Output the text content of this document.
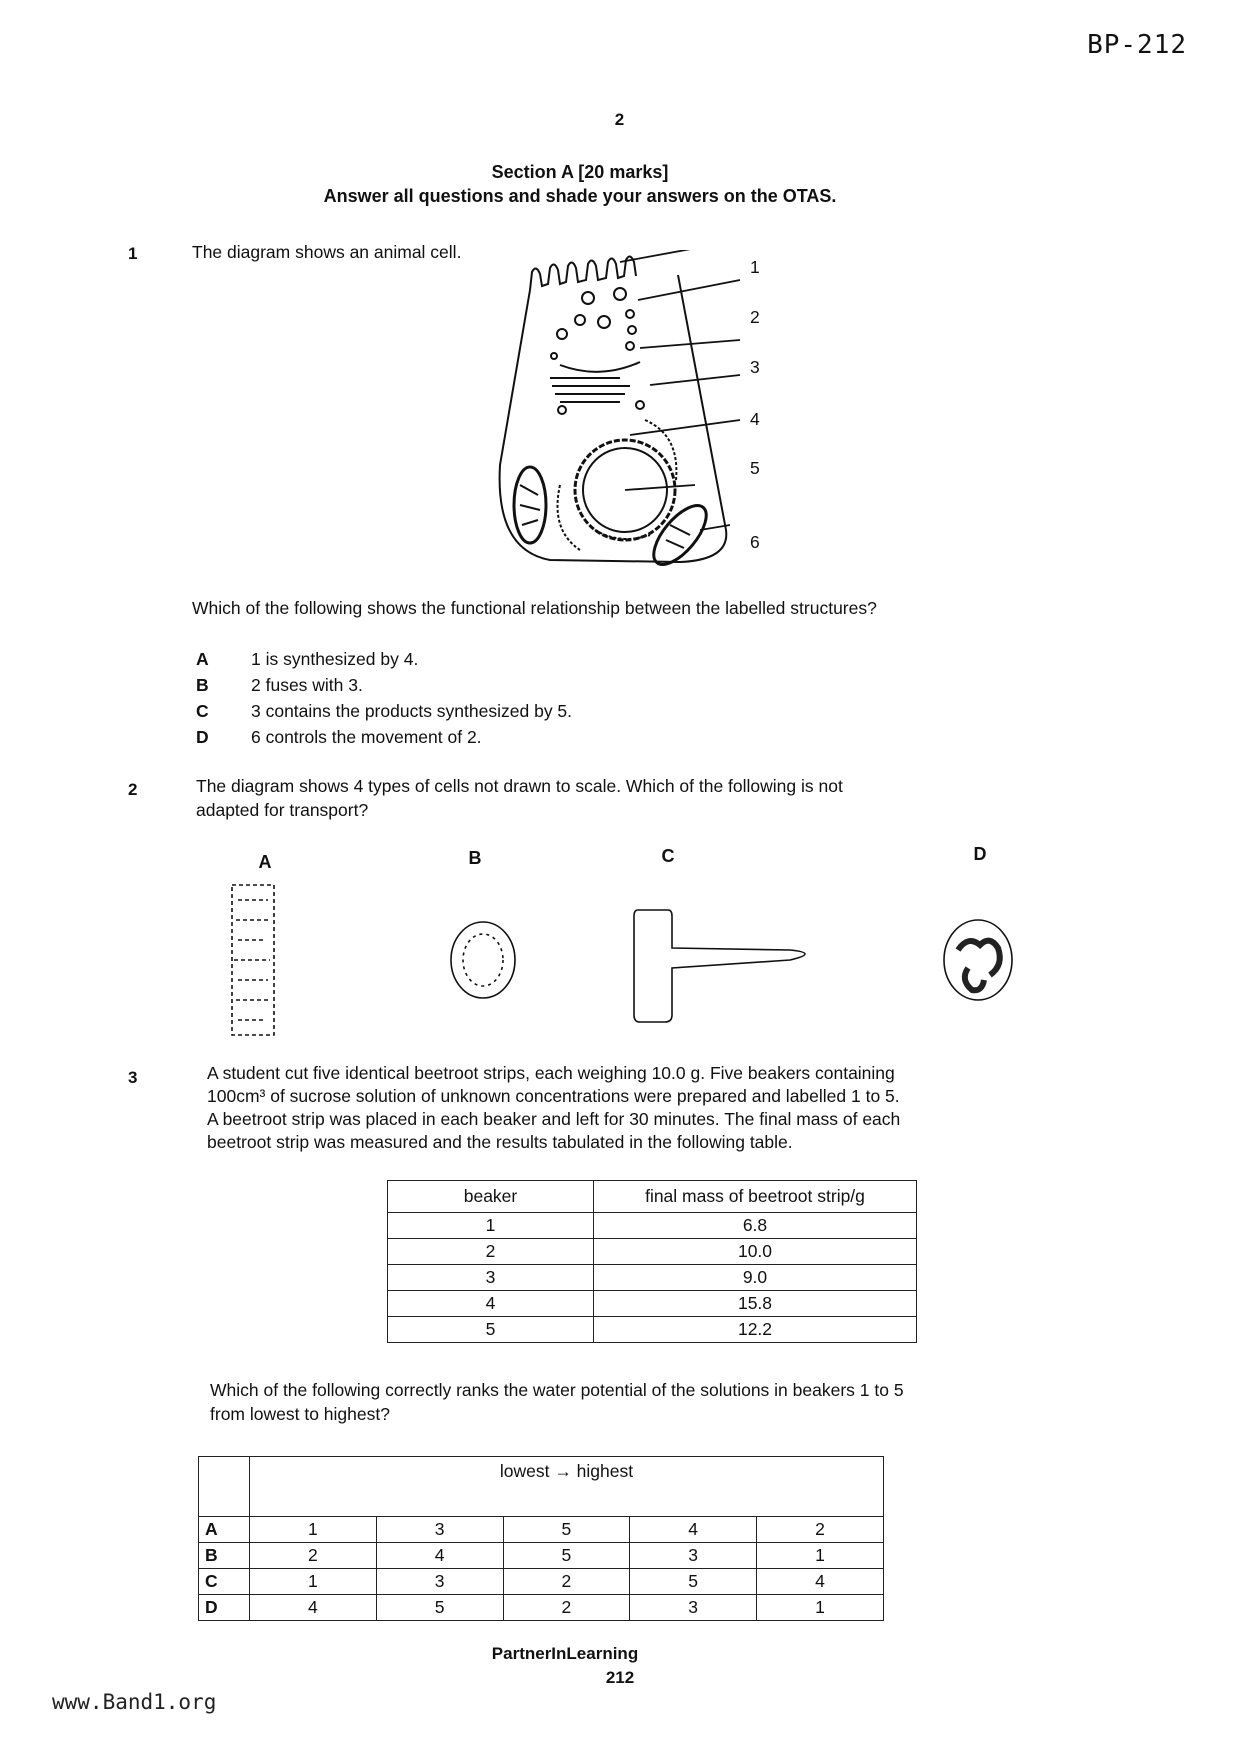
BP-212
2
Section A [20 marks]
Answer all questions and shade your answers on the OTAS.
1	The diagram shows an animal cell.
1
2
3
4
5
6
Which of the following shows the functional relationship between the labelled structures?
A	1 is synthesized by 4.
B	2 fuses with 3.
C	3 contains the products synthesized by 5.
D	6 controls the movement of 2.
2	The diagram shows 4 types of cells not drawn to scale. Which of the following is not
adapted for transport?
A	B	C	D
3	A student cut five identical beetroot strips, each weighing 10.0 g. Five beakers containing
100cm³ of sucrose solution of unknown concentrations were prepared and labelled 1 to 5.
A beetroot strip was placed in each beaker and left for 30 minutes. The final mass of each
beetroot strip was measured and the results tabulated in the following table.
beaker	final mass of beetroot strip/g
1	6.8
2	10.0
3	9.0
4	15.8
5	12.2
Which of the following correctly ranks the water potential of the solutions in beakers 1 to 5
from lowest to highest?
	lowest → highest				
A	1	3	5	4	2
B	2	4	5	3	1
C	1	3	2	5	4
D	4	5	2	3	1
PartnerInLearning
212
www.Band1.org
